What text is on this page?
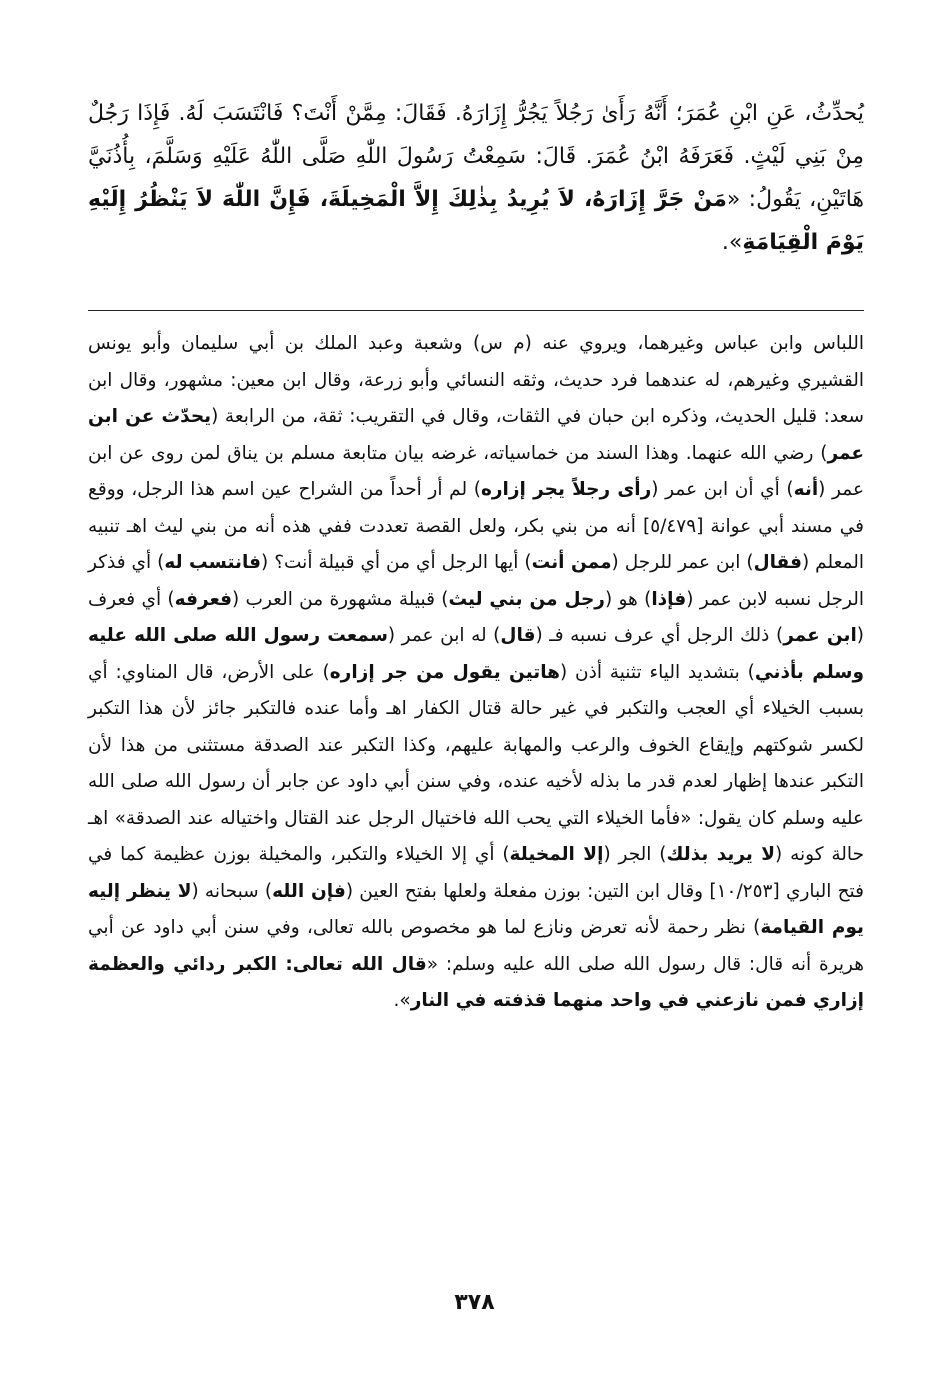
يُحدِّثُ، عَنِ ابْنِ عُمَرَ؛ أَنَّهُ رَأَىٰ رَجُلاً يَجُرُّ إِزَارَهُ. فَقَالَ: مِمَّنْ أَنْتَ؟ فَانْتَسَبَ لَهُ. فَإِذَا رَجُلٌ مِنْ بَنِي لَيْثٍ. فَعَرَفَهُ ابْنُ عُمَرَ. قَالَ: سَمِعْتُ رَسُولَ اللّٰهِ صَلَّى اللّٰهُ عَلَيْهِ وَسَلَّمَ، بِأُذُنَيَّ هَاتَيْنِ، يَقُولُ: «مَنْ جَرَّ إِزَارَهُ، لاَ يُرِيدُ بِذٰلِكَ إِلاَّ الْمَخِيلَةَ، فَإِنَّ اللّٰهَ لاَ يَنْظُرُ إِلَيْهِ يَوْمَ الْقِيَامَةِ».

اللباس وابن عباس وغيرهما، ويروي عنه (م س) وشعبة وعبد الملك بن أبي سليمان وأبو يونس القشيري وغيرهم، له عندهما فرد حديث، وثقه النسائي وأبو زرعة، وقال ابن معين: مشهور، وقال ابن سعد: قليل الحديث، وذكره ابن حبان في الثقات، وقال في التقريب: ثقة، من الرابعة (يحدّث عن ابن عمر) رضي الله عنهما. وهذا السند من خماسياته، غرضه بيان متابعة مسلم بن يناق لمن روى عن ابن عمر (أنه) أي أن ابن عمر (رأى رجلاً يجر إزاره) لم أر أحداً من الشراح عين اسم هذا الرجل، ووقع في مسند أبي عوانة [٥/٤٧٩] أنه من بني بكر، ولعل القصة تعددت ففي هذه أنه من بني ليث اهـ تنبيه المعلم (فقال) ابن عمر للرجل (ممن أنت) أيها الرجل أي من أي قبيلة أنت؟ (فانتسب له) أي فذكر الرجل نسبه لابن عمر (فإذا) هو (رجل من بني ليث) قبيلة مشهورة من العرب (فعرفه) أي فعرف (ابن عمر) ذلك الرجل أي عرف نسبه فـ (قال) له ابن عمر (سمعت رسول الله صلى الله عليه وسلم بأذني) بتشديد الياء تثنية أذن (هاتين يقول من جر إزاره) على الأرض، قال المناوي: أي بسبب الخيلاء أي العجب والتكبر في غير حالة قتال الكفار اهـ وأما عنده فالتكبر جائز لأن هذا التكبر لكسر شوكتهم وإيقاع الخوف والرعب والمهابة عليهم، وكذا التكبر عند الصدقة مستثنى من هذا لأن التكبر عندها إظهار لعدم قدر ما بذله لأخيه عنده، وفي سنن أبي داود عن جابر أن رسول الله صلى الله عليه وسلم كان يقول: «فأما الخيلاء التي يحب الله فاختيال الرجل عند القتال واختياله عند الصدقة» اهـ حالة كونه (لا يريد بذلك) الجر (إلا المخيلة) أي إلا الخيلاء والتكبر، والمخيلة بوزن عظيمة كما في فتح الباري [١٠/٢٥٣] وقال ابن التين: بوزن مفعلة ولعلها بفتح العين (فإن الله) سبحانه (لا ينظر إليه يوم القيامة) نظر رحمة لأنه تعرض ونازع لما هو مخصوص بالله تعالى، وفي سنن أبي داود عن أبي هريرة أنه قال: قال رسول الله صلى الله عليه وسلم: «قال الله تعالى: الكبر ردائي والعظمة إزاري فمن نازعني في واحد منهما قذفته في النار».

٣٧٨
